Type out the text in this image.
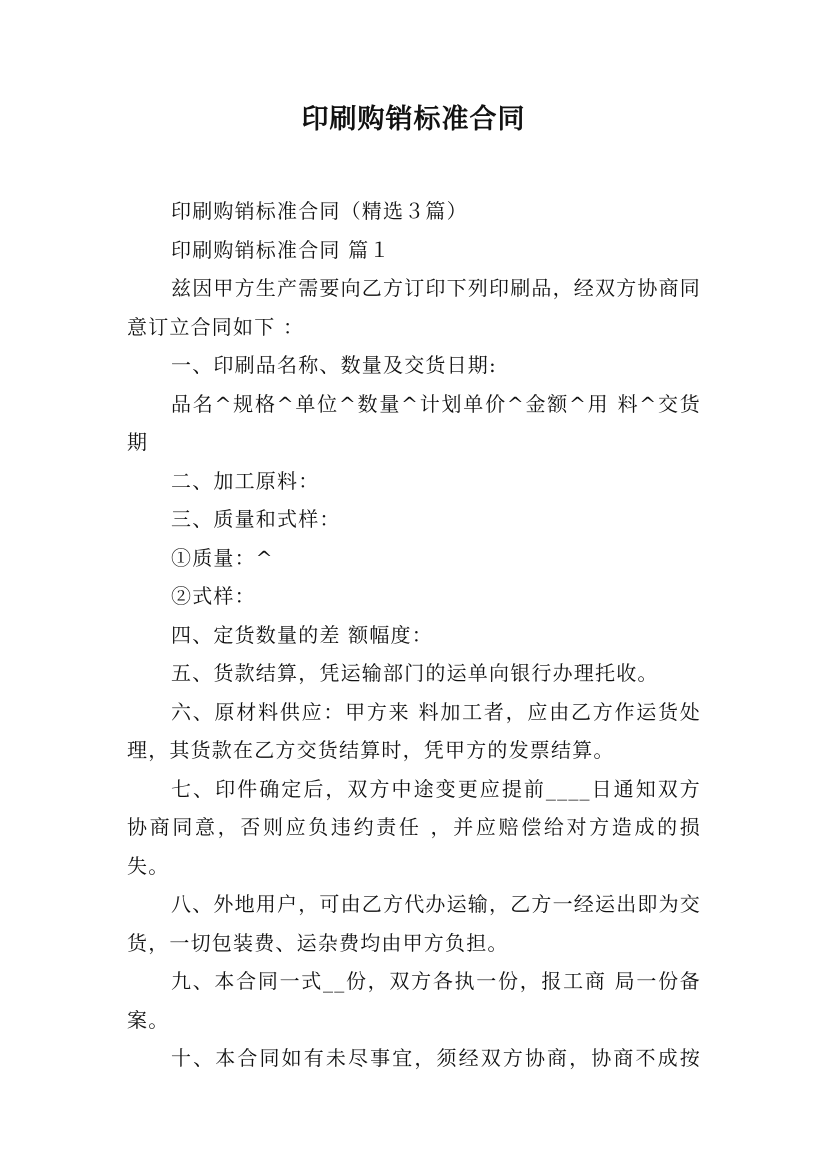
印刷购销标准合同

印刷购销标准合同（精选３篇）

印刷购销标准合同 篇１

兹因甲方生产需要向乙方订印下列印刷品，经双方协商同意订立合同如下 ：

一、印刷品名称、数量及交货日期:

品名^规格^单位^数量^计划单价^金额^用 料^交货期

二、加工原料：

三、质量和式样：

①质量：^

②式样：

四、定货数量的差 额幅度：

五、货款结算，凭运输部门的运单向银行办理托收。

六、原材料供应：甲方来 料加工者，应由乙方作运货处理，其货款在乙方交货结算时，凭甲方的发票结算。

七、印件确定后，双方中途变更应提前____日通知双方协商同意，否则应负违约责任 ，并应赔偿给对方造成的损失。

八、外地用户，可由乙方代办运输，乙方一经运出即为交货，一切包装费、运杂费均由甲方负担。

九、本合同一式__份，双方各执一份，报工商 局一份备案。

十、本合同如有未尽事宜，须经双方协商，协商不成按
